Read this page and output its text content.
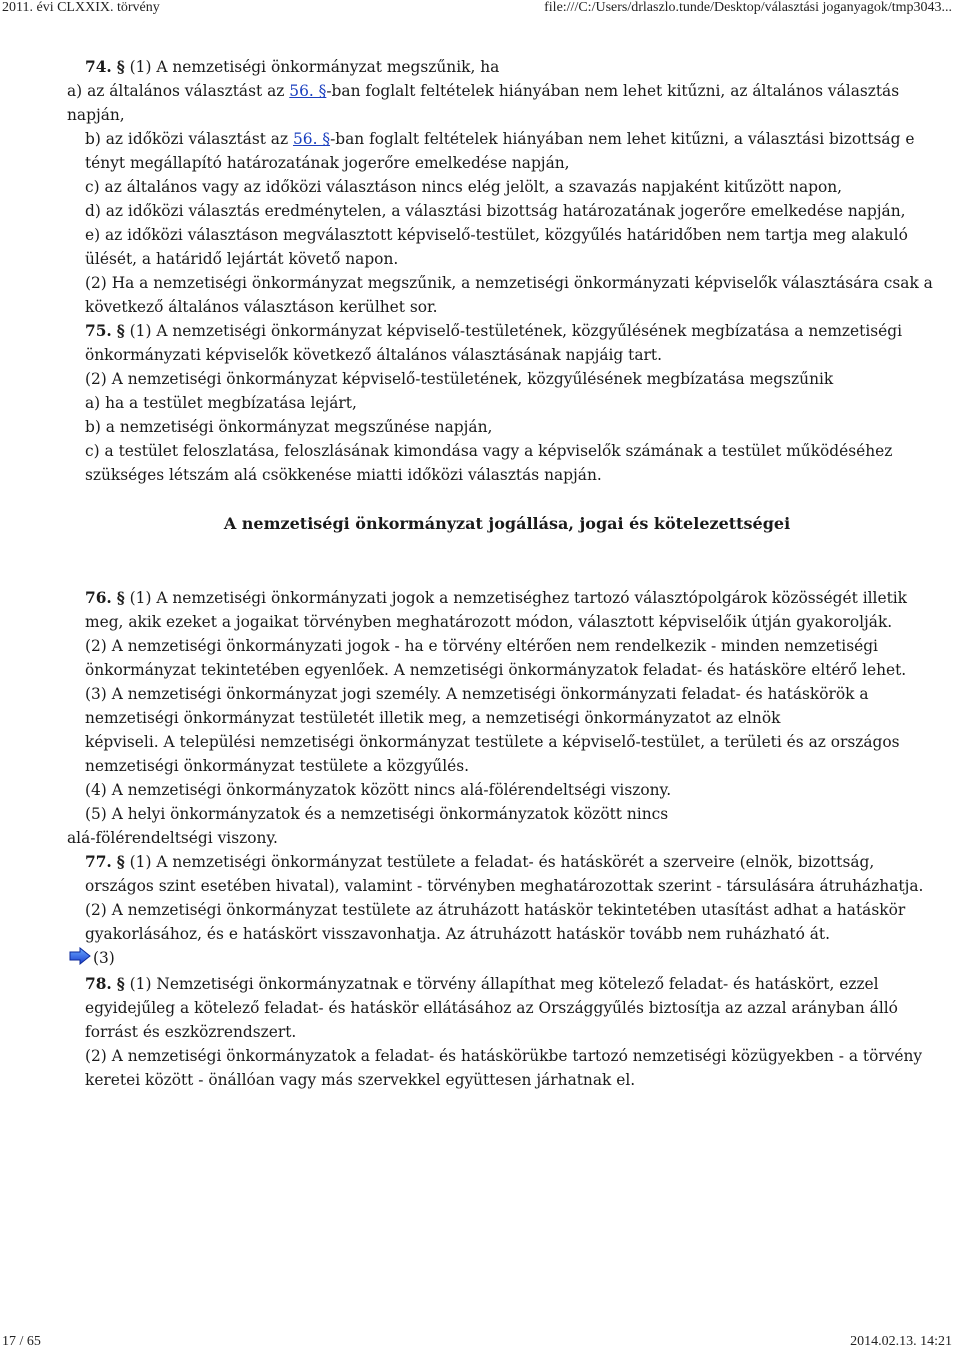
2011. évi CLXXIX. törvény	file:///C:/Users/drlaszlo.tunde/Desktop/választási joganyagok/tmp3043...

74. § (1) A nemzetiségi önkormányzat megszűnik, ha

a) az általános választást az 56. §-ban foglalt feltételek hiányában nem lehet kitűzni, az általános választás napján,

b) az időközi választást az 56. §-ban foglalt feltételek hiányában nem lehet kitűzni, a választási bizottság e tényt megállapító határozatának jogerőre emelkedése napján,

c) az általános vagy az időközi választáson nincs elég jelölt, a szavazás napjaként kitűzött napon,

d) az időközi választás eredménytelen, a választási bizottság határozatának jogerőre emelkedése napján,

e) az időközi választáson megválasztott képviselő-testület, közgyűlés határidőben nem tartja meg alakuló ülését, a határidő lejártát követő napon.

(2) Ha a nemzetiségi önkormányzat megszűnik, a nemzetiségi önkormányzati képviselők választására csak a következő általános választáson kerülhet sor.

75. § (1) A nemzetiségi önkormányzat képviselő-testületének, közgyűlésének megbízatása a nemzetiségi önkormányzati képviselők következő általános választásának napjáig tart.

(2) A nemzetiségi önkormányzat képviselő-testületének, közgyűlésének megbízatása megszűnik

a) ha a testület megbízatása lejárt,

b) a nemzetiségi önkormányzat megszűnése napján,

c) a testület feloszlatása, feloszlásának kimondása vagy a képviselők számának a testület működéséhez szükséges létszám alá csökkenése miatti időközi választás napján.

A nemzetiségi önkormányzat jogállása, jogai és kötelezettségei

76. § (1) A nemzetiségi önkormányzati jogok a nemzetiséghez tartozó választópolgárok közösségét illetik meg, akik ezeket a jogaikat törvényben meghatározott módon, választott képviselőik útján gyakorolják.

(2) A nemzetiségi önkormányzati jogok - ha e törvény eltérően nem rendelkezik - minden nemzetiségi önkormányzat tekintetében egyenlőek. A nemzetiségi önkormányzatok feladat- és hatásköre eltérő lehet.

(3) A nemzetiségi önkormányzat jogi személy. A nemzetiségi önkormányzati feladat- és hatáskörök a nemzetiségi önkormányzat testületét illetik meg, a nemzetiségi önkormányzatot az elnök

képviseli. A települési nemzetiségi önkormányzat testülete a képviselő-testület, a területi és az országos nemzetiségi önkormányzat testülete a közgyűlés.

(4) A nemzetiségi önkormányzatok között nincs alá-fölérendeltségi viszony.

(5) A helyi önkormányzatok és a nemzetiségi önkormányzatok között nincs

alá-fölérendeltségi viszony.

77. § (1) A nemzetiségi önkormányzat testülete a feladat- és hatáskörét a szerveire (elnök, bizottság, országos szint esetében hivatal), valamint - törvényben meghatározottak szerint - társulására átruházhatja.

(2) A nemzetiségi önkormányzat testülete az átruházott hatáskör tekintetében utasítást adhat a hatáskör gyakorlásához, és e hatáskört visszavonhatja. Az átruházott hatáskör tovább nem ruházható át.

(3)

78. § (1) Nemzetiségi önkormányzatnak e törvény állapíthat meg kötelező feladat- és hatáskört, ezzel egyidejűleg a kötelező feladat- és hatáskör ellátásához az Országgyűlés biztosítja az azzal arányban álló forrást és eszközrendszert.

(2) A nemzetiségi önkormányzatok a feladat- és hatáskörükbe tartozó nemzetiségi közügyekben - a törvény keretei között - önállóan vagy más szervekkel együttesen járhatnak el.

17 / 65	2014.02.13. 14:21
